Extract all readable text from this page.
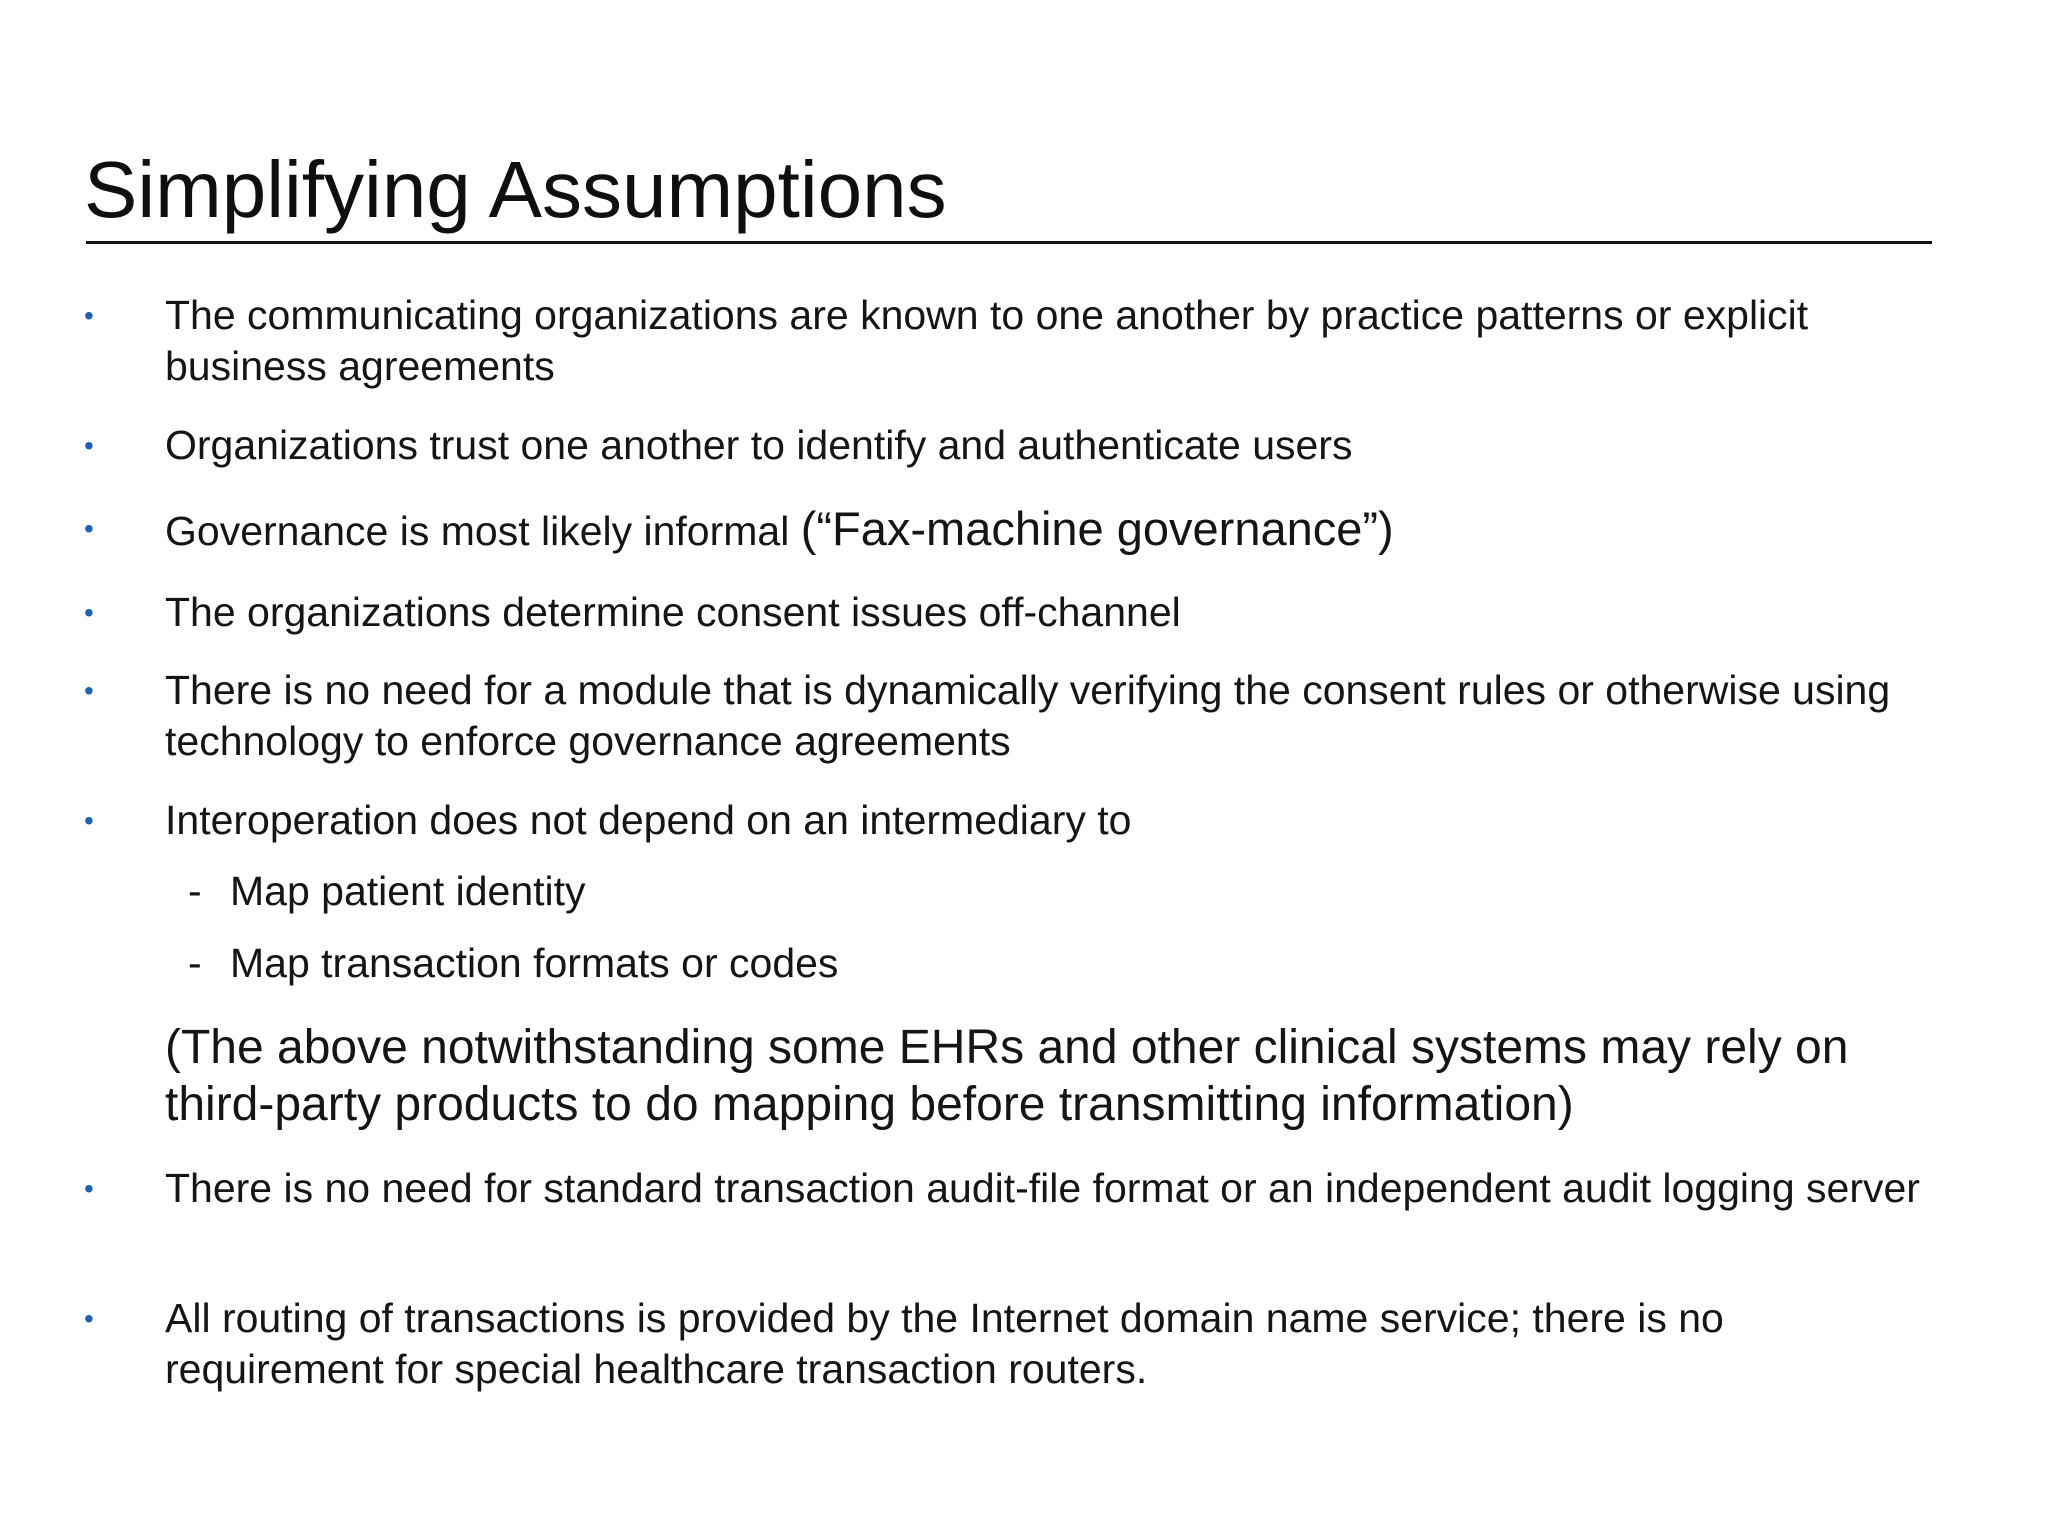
Simplifying Assumptions
• The communicating organizations are known to one another by practice patterns or explicit business agreements
• Organizations trust one another to identify and authenticate users
• Governance is most likely informal (“Fax-machine governance”)
• The organizations determine consent issues off-channel
• There is no need for a module that is dynamically verifying the consent rules or otherwise using technology to enforce governance agreements
• Interoperation does not depend on an intermediary to
- Map patient identity
- Map transaction formats or codes
(The above notwithstanding some EHRs and other clinical systems may rely on third-party products to do mapping before transmitting information)
• There is no need for standard transaction audit-file format or an independent audit logging server
• All routing of transactions is provided by the Internet domain name service; there is no requirement for special healthcare transaction routers.
